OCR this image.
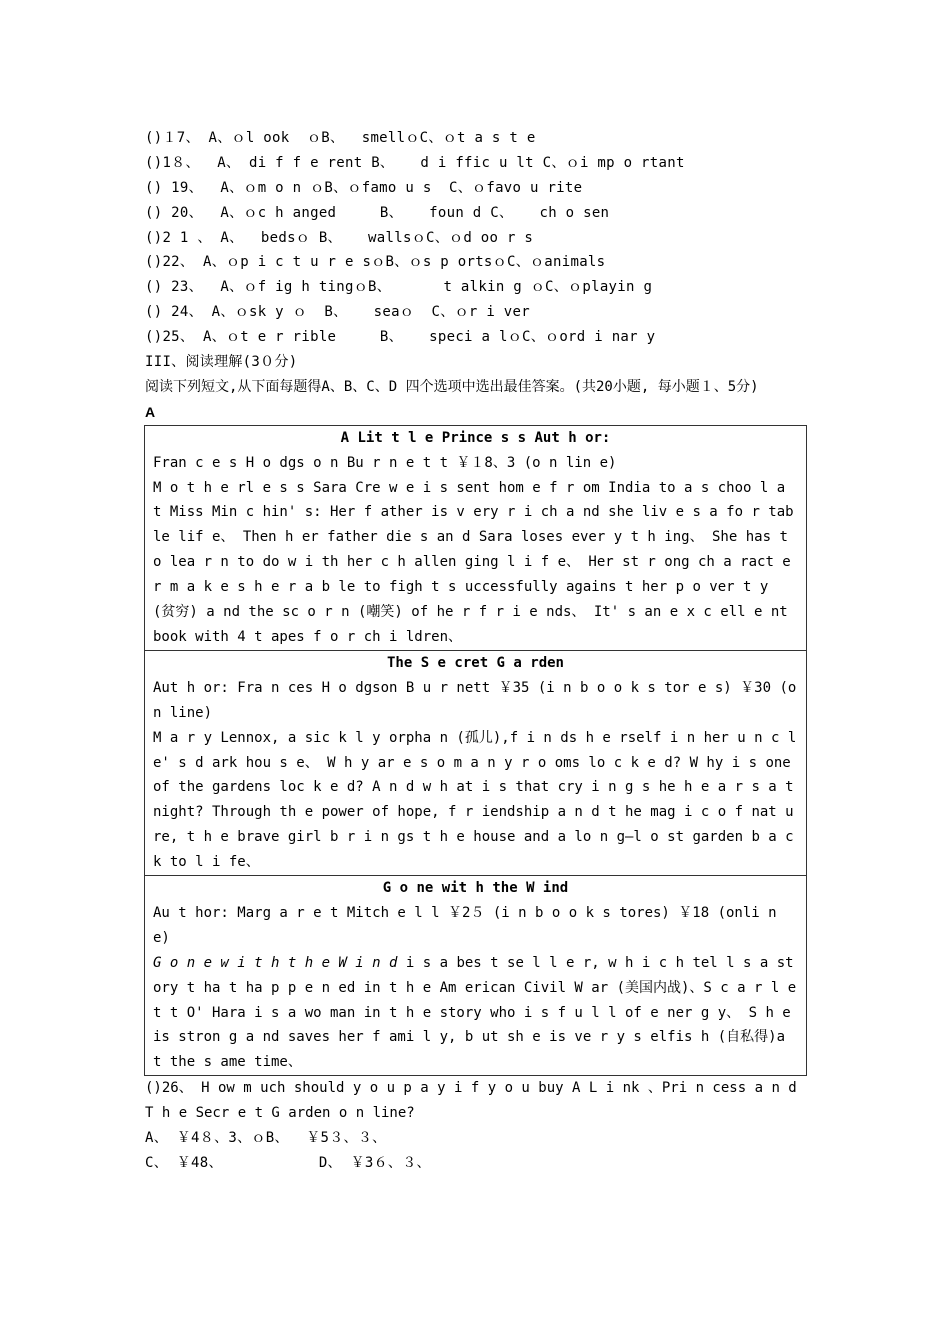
()１7、 A、ｏl ook  ｏB、  smellｏC、ｏt a s t e
()1８、  A、 di f f e rent B、   d i ffic u lt C、ｏi mp o rtant
() 19、  A、ｏm o n ｏB、ｏfamo u s  C、ｏfavo u rite
() 20、  A、ｏc h anged     B、   foun d C、   ch o sen
()2 1 、 A、  bedsｏ B、   wallsｏC、ｏd oo r s
()22、 A、ｏp i c t u r e sｏB、ｏs p ortsｏC、ｏanimals
() 23、  A、ｏf ig h tingｏB、      t alkin g ｏC、ｏplayin g
() 24、 A、ｏsk y ｏ  B、   seaｏ  C、ｏr i ver
()25、 A、ｏt e r rible     B、   speci a lｏC、ｏord i nar y
III、阅读理解(3０分)
阅读下列短文,从下面每题得A、B、C、D 四个选项中选出最佳答案。(共20小题, 每小题１、5分)
A
A Lit t l e Prince s s Aut h or:
Fran c e s H o dgs o n Bu r n e t t ￥１8、3 (o n lin e)
M o t h e rl e s s Sara Cre w e i s sent hom e f r om India to a s choo l a t Miss Min c hin' s: Her f ather is v ery r i ch a nd she liv e s a fo r table lif e、 Then h er father die s an d Sara loses ever y t h ing、 She has t o lea r n to do w i th her c h allen ging l i f e、 Her st r ong ch a ract e r m a k e s h e r a b le to figh t s uccessfully agains t her p o ver t y (贫穷) a nd the sc o r n (嘲笑) of he r f r i e nds、 It' s an e x c ell e nt book with 4 t apes f o r ch i ldren、

The S e cret G a rden
Aut h or: Fra n ces H o dgson B u r nett ￥35 (i n b o o k s tor e s) ￥30 (o n line)
M a r y Lennox, a sic k l y orpha n (孤儿),f i n ds h e rself i n her u n c le' s d ark hou s e、 W h y ar e s o m a n y r o oms lo c k e d? W hy i s one of the gardens loc k e d? A n d w h at i s that cry i n g s he h e a r s a t night? Through th e power of hope, f r iendship a n d t he mag i c o f nat u re, t h e brave girl b r i n gs t h e house and a lo n g—l o st garden b a c k to l i fe、

G o ne wit h the W ind
Au t hor: Marg a r e t Mitch e l l ￥2５ (i n b o o k s tores) ￥18 (onli n e)
G o n e w i t h t h e W i n d i s a bes t se l l e r, w h i c h tel l s a story t ha t ha p p e n ed in t h e Am erican Civil W ar (美国内战)、S c a r l e t t O' Hara i s a wo man in t h e story who i s f u l l of e ner g y、 S h e is stron g a nd saves her f ami l y, b ut sh e is ve r y s elfis h (自私得)a t the s ame time、
()26、 H ow m uch should y o u p a y i f y o u buy A L i nk 、Pri n cess a n d T h e Secr e t G arden o n line?
A、 ￥4８、3、ｏB、  ￥5３、３、
C、 ￥48、           D、 ￥3６、３、
